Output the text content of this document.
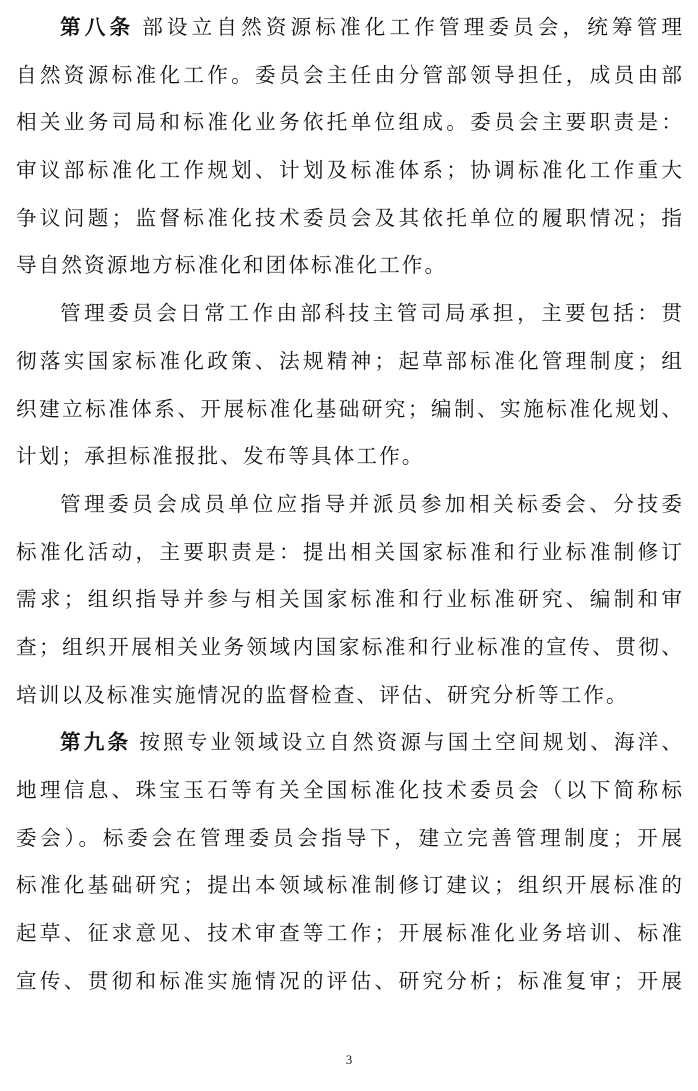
第八条 部设立自然资源标准化工作管理委员会，统筹管理
自然资源标准化工作。委员会主任由分管部领导担任，成员由部
相关业务司局和标准化业务依托单位组成。委员会主要职责是：
审议部标准化工作规划、计划及标准体系；协调标准化工作重大
争议问题；监督标准化技术委员会及其依托单位的履职情况；指
导自然资源地方标准化和团体标准化工作。
管理委员会日常工作由部科技主管司局承担，主要包括：贯
彻落实国家标准化政策、法规精神；起草部标准化管理制度；组
织建立标准体系、开展标准化基础研究；编制、实施标准化规划、
计划；承担标准报批、发布等具体工作。
管理委员会成员单位应指导并派员参加相关标委会、分技委
标准化活动，主要职责是：提出相关国家标准和行业标准制修订
需求；组织指导并参与相关国家标准和行业标准研究、编制和审
查；组织开展相关业务领域内国家标准和行业标准的宣传、贯彻、
培训以及标准实施情况的监督检查、评估、研究分析等工作。
第九条 按照专业领域设立自然资源与国土空间规划、海洋、
地理信息、珠宝玉石等有关全国标准化技术委员会（以下简称标
委会）。标委会在管理委员会指导下，建立完善管理制度；开展
标准化基础研究；提出本领域标准制修订建议；组织开展标准的
起草、征求意见、技术审查等工作；开展标准化业务培训、标准
宣传、贯彻和标准实施情况的评估、研究分析；标准复审；开展
3
